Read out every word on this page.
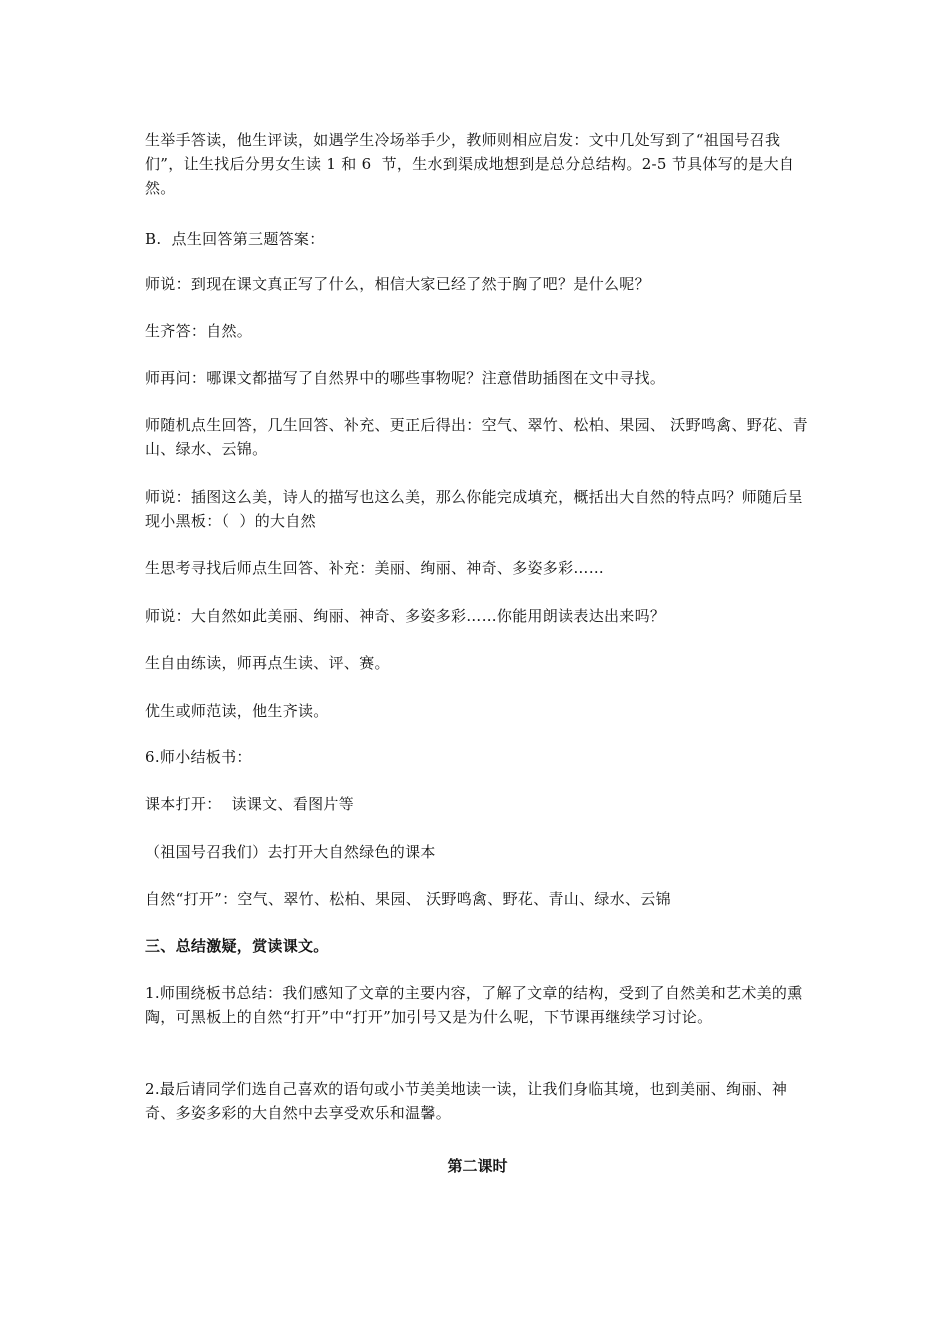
生举手答读，他生评读，如遇学生冷场举手少，教师则相应启发：文中几处写到了“祖国号召我们”，让生找后分男女生读 1 和 6  节，生水到渠成地想到是总分总结构。2-5 节具体写的是大自然。

B.  点生回答第三题答案：

师说：到现在课文真正写了什么，相信大家已经了然于胸了吧？是什么呢？

生齐答：自然。

师再问：哪课文都描写了自然界中的哪些事物呢？注意借助插图在文中寻找。

师随机点生回答，几生回答、补充、更正后得出：空气、翠竹、松柏、果园、 沃野鸣禽、野花、青山、绿水、云锦。

师说：插图这么美，诗人的描写也这么美，那么你能完成填充，概括出大自然的特点吗？师随后呈现小黑板：（  ）的大自然

生思考寻找后师点生回答、补充：美丽、绚丽、神奇、多姿多彩……

师说：大自然如此美丽、绚丽、神奇、多姿多彩……你能用朗读表达出来吗？

生自由练读，师再点生读、评、赛。

优生或师范读，他生齐读。

6.师小结板书：

课本打开：  读课文、看图片等

（祖国号召我们）去打开大自然绿色的课本

自然“打开”：空气、翠竹、松柏、果园、 沃野鸣禽、野花、青山、绿水、云锦

三、总结激疑，赏读课文。

1.师围绕板书总结：我们感知了文章的主要内容，了解了文章的结构，受到了自然美和艺术美的熏陶，可黑板上的自然“打开”中“打开”加引号又是为什么呢，下节课再继续学习讨论。

2.最后请同学们选自己喜欢的语句或小节美美地读一读，让我们身临其境，也到美丽、绚丽、神奇、多姿多彩的大自然中去享受欢乐和温馨。

第二课时
